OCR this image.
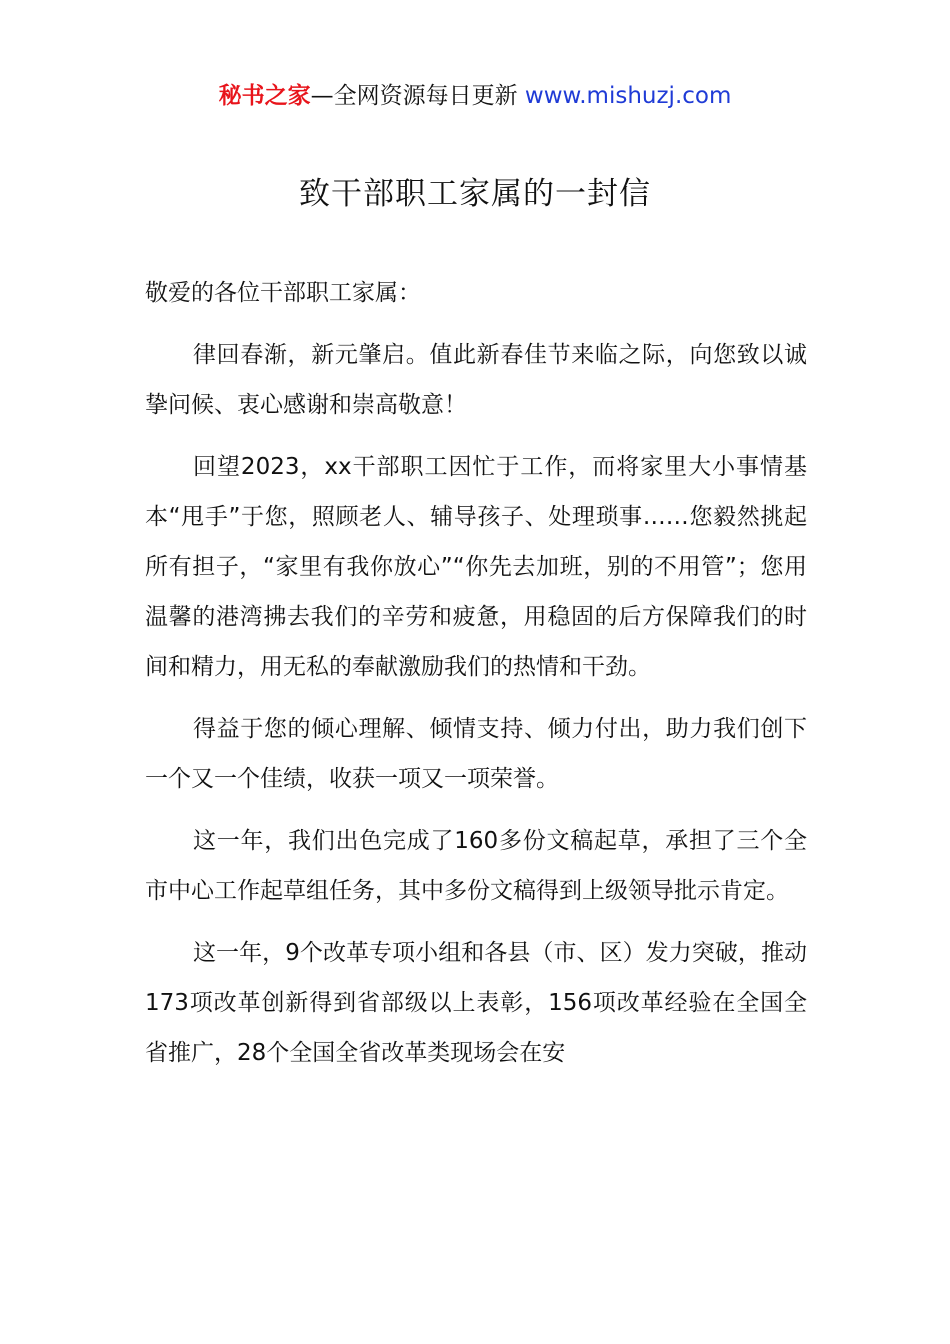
秘书之家—全网资源每日更新 www.mishuzj.com
致干部职工家属的一封信

敬爱的各位干部职工家属：

律回春渐，新元肇启。值此新春佳节来临之际，向您致以诚挚问候、衷心感谢和崇高敬意！

回望2023，xx干部职工因忙于工作，而将家里大小事情基本“甩手”于您，照顾老人、辅导孩子、处理琐事……您毅然挑起所有担子，“家里有我你放心”“你先去加班，别的不用管”；您用温馨的港湾拂去我们的辛劳和疲惫，用稳固的后方保障我们的时间和精力，用无私的奉献激励我们的热情和干劲。

得益于您的倾心理解、倾情支持、倾力付出，助力我们创下一个又一个佳绩，收获一项又一项荣誉。

这一年，我们出色完成了160多份文稿起草，承担了三个全市中心工作起草组任务，其中多份文稿得到上级领导批示肯定。

这一年，9个改革专项小组和各县（市、区）发力突破，推动173项改革创新得到省部级以上表彰，156项改革经验在全国全省推广，28个全国全省改革类现场会在安
